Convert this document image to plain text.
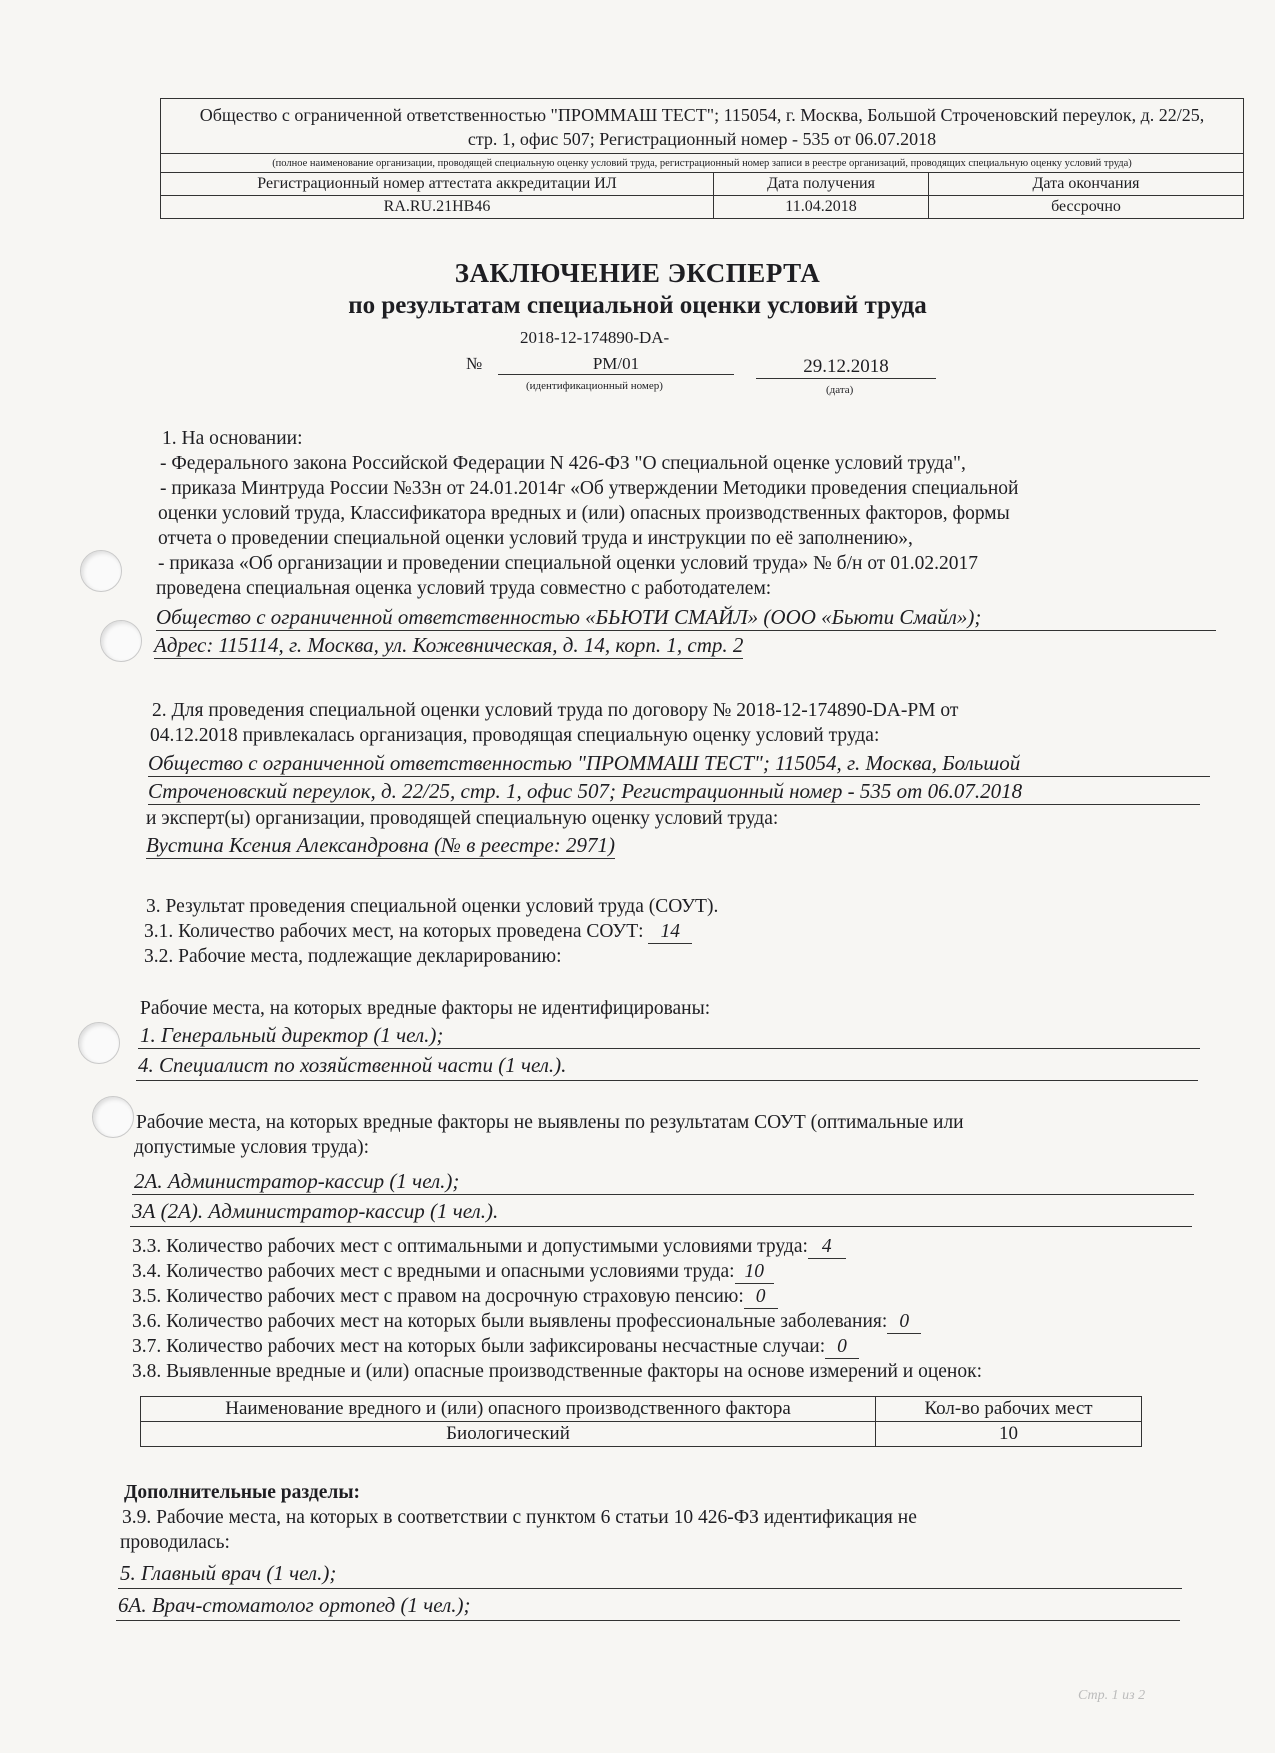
Общество с ограниченной ответственностью "ПРОММАШ ТЕСТ"; 115054, г. Москва, Большой Строченовский переулок, д. 22/25,
стр. 1, офис 507; Регистрационный номер - 535 от 06.07.2018
(полное наименование организации, проводящей специальную оценку условий труда, регистрационный номер записи в реестре организаций, проводящих специальную оценку условий труда)
Регистрационный номер аттестата аккредитации ИЛ	Дата получения	Дата окончания
RA.RU.21НВ46	11.04.2018	бессрочно
ЗАКЛЮЧЕНИЕ ЭКСПЕРТА
по результатам специальной оценки условий труда
2018-12-174890-DA-
№	PM/01
(идентификационный номер)
29.12.2018
(дата)
1. На основании:
- Федерального закона Российской Федерации N 426-ФЗ "О специальной оценке условий труда",
- приказа Минтруда России №33н от 24.01.2014г «Об утверждении Методики проведения специальной
оценки условий труда, Классификатора вредных и (или) опасных производственных факторов, формы
отчета о проведении специальной оценки условий труда и инструкции по её заполнению»,
- приказа «Об организации и проведении специальной оценки условий труда» № б/н от 01.02.2017
проведена специальная оценка условий труда совместно с работодателем:
Общество с ограниченной ответственностью «БЬЮТИ СМАЙЛ» (ООО «Бьюти Смайл»);
Адрес: 115114, г. Москва, ул. Кожевническая, д. 14, корп. 1, стр. 2
2. Для проведения специальной оценки условий труда по договору № 2018-12-174890-DA-PM от
04.12.2018 привлекалась организация, проводящая специальную оценку условий труда:
Общество с ограниченной ответственностью "ПРОММАШ ТЕСТ"; 115054, г. Москва, Большой
Строченовский переулок, д. 22/25, стр. 1, офис 507; Регистрационный номер - 535 от 06.07.2018
и эксперт(ы) организации, проводящей специальную оценку условий труда:
Вустина Ксения Александровна (№ в реестре: 2971)
3. Результат проведения специальной оценки условий труда (СОУТ).
3.1. Количество рабочих мест, на которых проведена СОУТ: 14
3.2. Рабочие места, подлежащие декларированию:
Рабочие места, на которых вредные факторы не идентифицированы:
1. Генеральный директор (1 чел.);
4. Специалист по хозяйственной части (1 чел.).
Рабочие места, на которых вредные факторы не выявлены по результатам СОУТ (оптимальные или
допустимые условия труда):
2А. Администратор-кассир (1 чел.);
3А (2А). Администратор-кассир (1 чел.).
3.3. Количество рабочих мест с оптимальными и допустимыми условиями труда: 4
3.4. Количество рабочих мест с вредными и опасными условиями труда: 10
3.5. Количество рабочих мест с правом на досрочную страховую пенсию: 0
3.6. Количество рабочих мест на которых были выявлены профессиональные заболевания: 0
3.7. Количество рабочих мест на которых были зафиксированы несчастные случаи: 0
3.8. Выявленные вредные и (или) опасные производственные факторы на основе измерений и оценок:
Наименование вредного и (или) опасного производственного фактора	Кол-во рабочих мест
Биологический	10
Дополнительные разделы:
3.9. Рабочие места, на которых в соответствии с пунктом 6 статьи 10 426-ФЗ идентификация не
проводилась:
5. Главный врач (1 чел.);
6А. Врач-стоматолог ортопед (1 чел.);
Стр. 1 из 2
